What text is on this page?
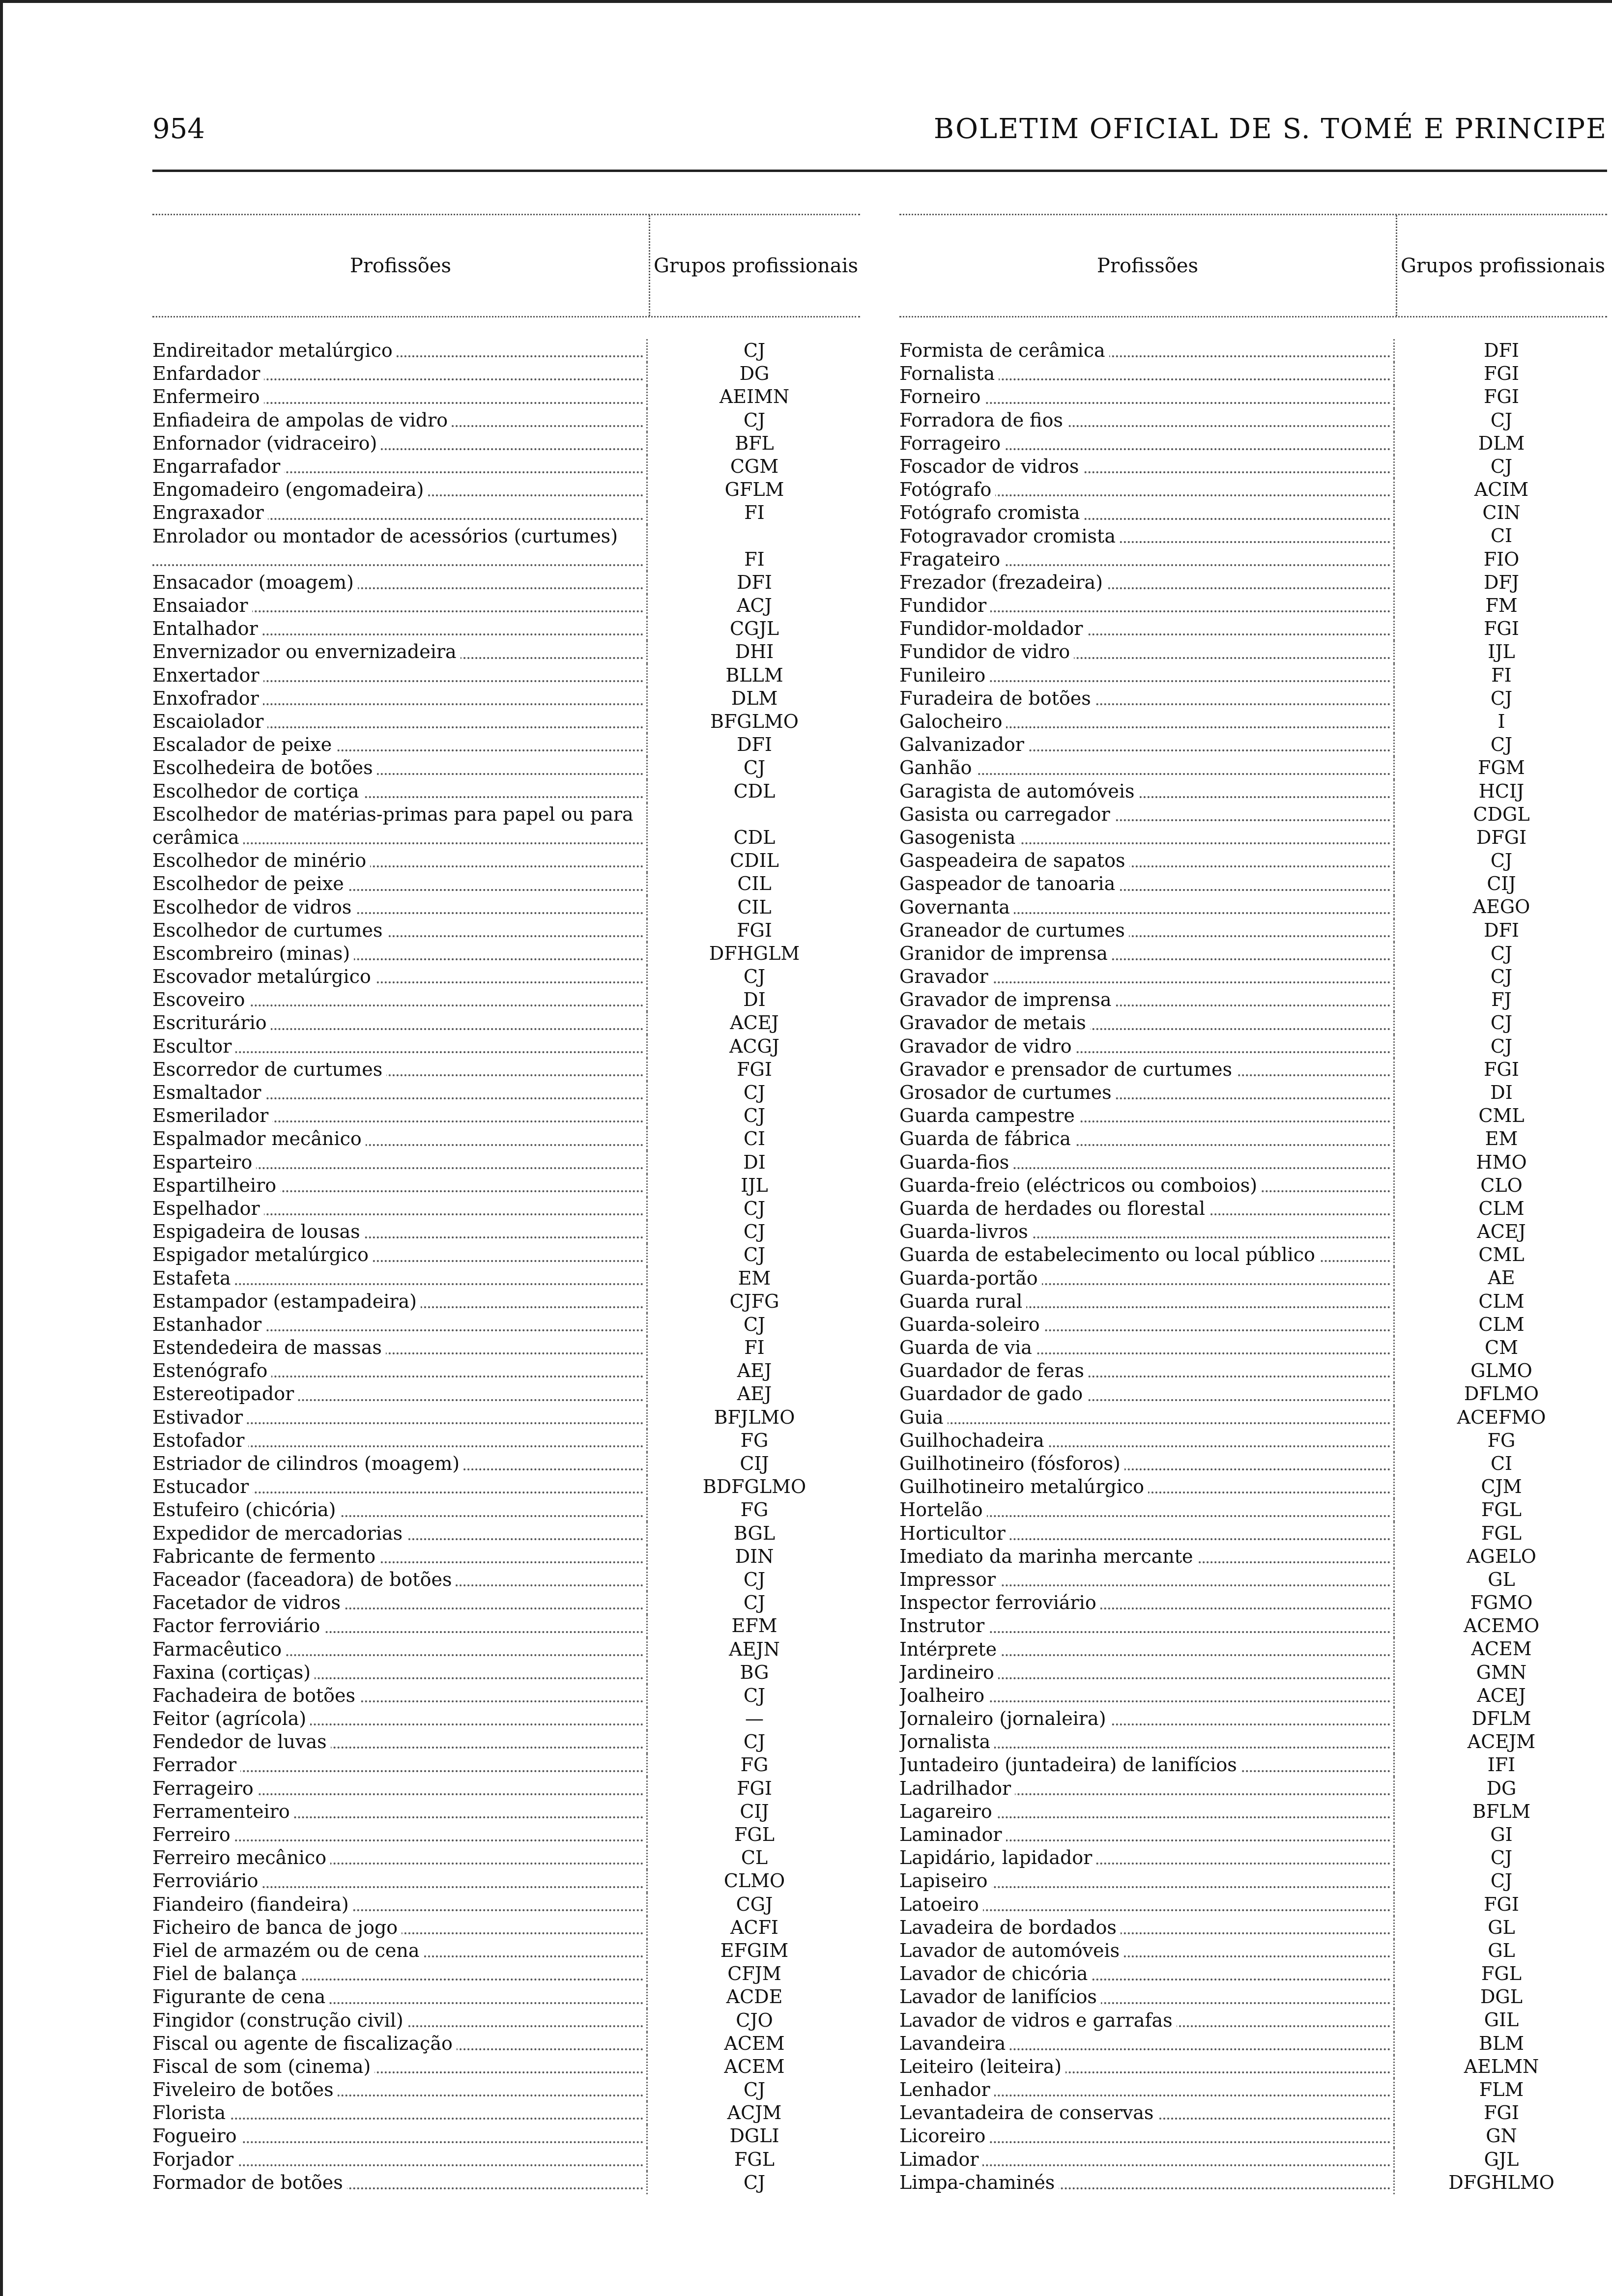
954	BOLETIM OFICIAL DE S. TOMÉ E PRINCIPE
Profissões	Grupos profissionais
Endireitador metalúrgico	CJ
Enfardador	DG
Enfermeiro	AEIMN
Enfiadeira de ampolas de vidro	CJ
Enfornador (vidraceiro)	BFL
Engarrafador	CGM
Engomadeiro (engomadeira)	GFLM
Engraxador	FI
Enrolador ou montador de acessórios (curtumes)
FI
Ensacador (moagem)	DFI
Ensaiador	ACJ
Entalhador	CGJL
Envernizador ou envernizadeira	DHI
Enxertador	BLLM
Enxofrador	DLM
Escaiolador	BFGLMO
Escalador de peixe	DFI
Escolhedeira de botões	CJ
Escolhedor de cortiça	CDL
Escolhedor de matérias-primas para papel ou para cerâmica	CDL
Escolhedor de minério	CDIL
Escolhedor de peixe	CIL
Escolhedor de vidros	CIL
Escolhedor de curtumes	FGI
Escombreiro (minas)	DFHGLM
Escovador metalúrgico	CJ
Escoveiro	DI
Escriturário	ACEJ
Escultor	ACGJ
Escorredor de curtumes	FGI
Esmaltador	CJ
Esmerilador	CJ
Espalmador mecânico	CI
Esparteiro	DI
Espartilheiro	IJL
Espelhador	CJ
Espigadeira de lousas	CJ
Espigador metalúrgico	CJ
Estafeta	EM
Estampador (estampadeira)	CJFG
Estanhador	CJ
Estendedeira de massas	FI
Estenógrafo	AEJ
Estereotipador	AEJ
Estivador	BFJLMO
Estofador	FG
Estriador de cilindros (moagem)	CIJ
Estucador	BDFGLMO
Estufeiro (chicória)	FG
Expedidor de mercadorias	BGL
Fabricante de fermento	DIN
Faceador (faceadora) de botões	CJ
Facetador de vidros	CJ
Factor ferroviário	EFM
Farmacêutico	AEJN
Faxina (cortiças)	BG
Fachadeira de botões	CJ
Feitor (agrícola)	—
Fendedor de luvas	CJ
Ferrador	FG
Ferrageiro	FGI
Ferramenteiro	CIJ
Ferreiro	FGL
Ferreiro mecânico	CL
Ferroviário	CLMO
Fiandeiro (fiandeira)	CGJ
Ficheiro de banca de jogo	ACFI
Fiel de armazém ou de cena	EFGIM
Fiel de balança	CFJM
Figurante de cena	ACDE
Fingidor (construção civil)	CJO
Fiscal ou agente de fiscalização	ACEM
Fiscal de som (cinema)	ACEM
Fiveleiro de botões	CJ
Florista	ACJM
Fogueiro	DGLI
Forjador	FGL
Formador de botões	CJ
Profissões	Grupos profissionais
Formista de cerâmica	DFI
Fornalista	FGI
Forneiro	FGI
Forradora de fios	CJ
Forrageiro	DLM
Foscador de vidros	CJ
Fotógrafo	ACIM
Fotógrafo cromista	CIN
Fotogravador cromista	CI
Fragateiro	FIO
Frezador (frezadeira)	DFJ
Fundidor	FM
Fundidor-moldador	FGI
Fundidor de vidro	IJL
Funileiro	FI
Furadeira de botões	CJ
Galocheiro	I
Galvanizador	CJ
Ganhão	FGM
Garagista de automóveis	HCIJ
Gasista ou carregador	CDGL
Gasogenista	DFGI
Gaspeadeira de sapatos	CJ
Gaspeador de tanoaria	CIJ
Governanta	AEGO
Graneador de curtumes	DFI
Granidor de imprensa	CJ
Gravador	CJ
Gravador de imprensa	FJ
Gravador de metais	CJ
Gravador de vidro	CJ
Gravador e prensador de curtumes	FGI
Grosador de curtumes	DI
Guarda campestre	CML
Guarda de fábrica	EM
Guarda-fios	HMO
Guarda-freio (eléctricos ou comboios)	CLO
Guarda de herdades ou florestal	CLM
Guarda-livros	ACEJ
Guarda de estabelecimento ou local público	CML
Guarda-portão	AE
Guarda rural	CLM
Guarda-soleiro	CLM
Guarda de via	CM
Guardador de feras	GLMO
Guardador de gado	DFLMO
Guia	ACEFMO
Guilhochadeira	FG
Guilhotineiro (fósforos)	CI
Guilhotineiro metalúrgico	CJM
Hortelão	FGL
Horticultor	FGL
Imediato da marinha mercante	AGELO
Impressor	GL
Inspector ferroviário	FGMO
Instrutor	ACEMO
Intérprete	ACEM
Jardineiro	GMN
Joalheiro	ACEJ
Jornaleiro (jornaleira)	DFLM
Jornalista	ACEJM
Juntadeiro (juntadeira) de lanifícios	IFI
Ladrilhador	DG
Lagareiro	BFLM
Laminador	GI
Lapidário, lapidador	CJ
Lapiseiro	CJ
Latoeiro	FGI
Lavadeira de bordados	GL
Lavador de automóveis	GL
Lavador de chicória	FGL
Lavador de lanifícios	DGL
Lavador de vidros e garrafas	GIL
Lavandeira	BLM
Leiteiro (leiteira)	AELMN
Lenhador	FLM
Levantadeira de conservas	FGI
Licoreiro	GN
Limador	GJL
Limpa-chaminés	DFGHLMO
